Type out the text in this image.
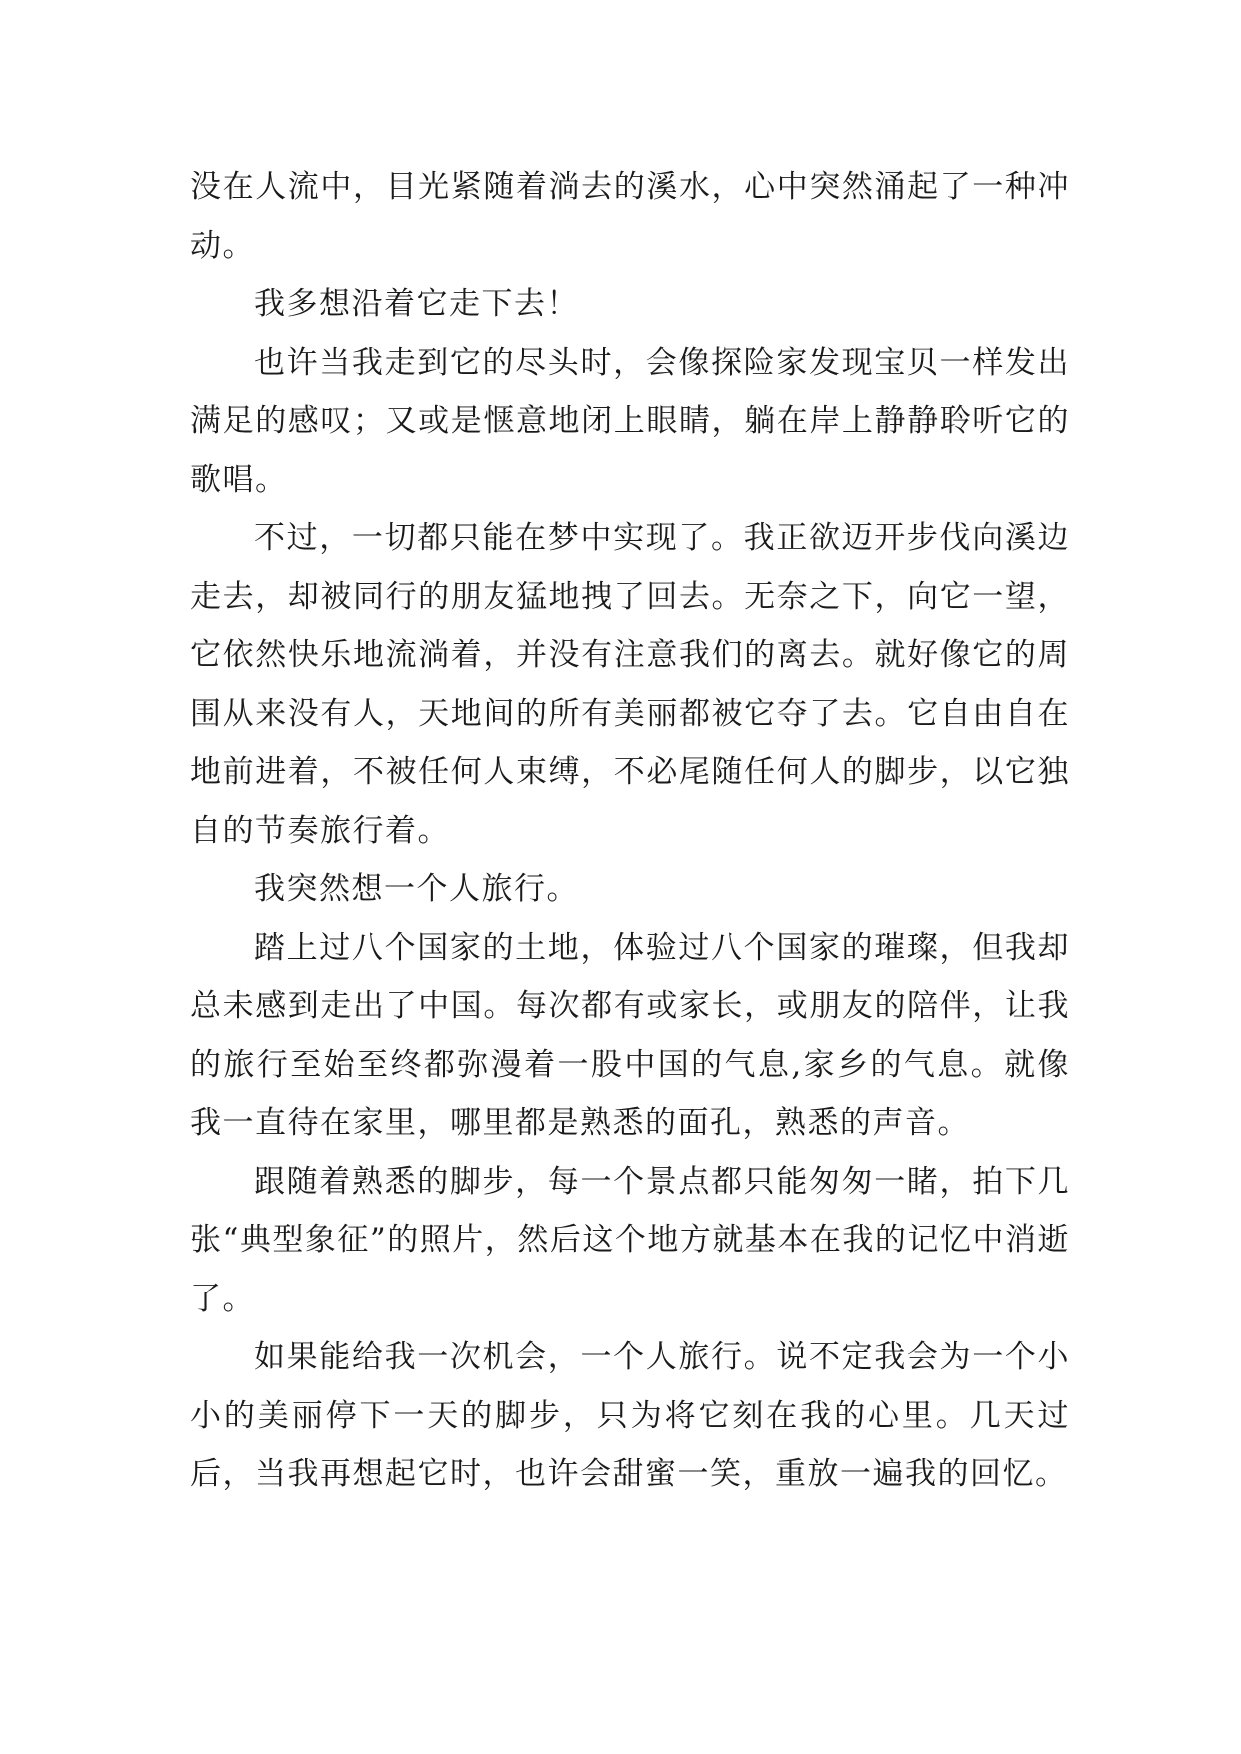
没在人流中，目光紧随着淌去的溪水，心中突然涌起了一种冲动。

我多想沿着它走下去！

也许当我走到它的尽头时，会像探险家发现宝贝一样发出满足的感叹；又或是惬意地闭上眼睛，躺在岸上静静聆听它的歌唱。

不过，一切都只能在梦中实现了。我正欲迈开步伐向溪边走去，却被同行的朋友猛地拽了回去。无奈之下，向它一望，它依然快乐地流淌着，并没有注意我们的离去。就好像它的周围从来没有人，天地间的所有美丽都被它夺了去。它自由自在地前进着，不被任何人束缚，不必尾随任何人的脚步，以它独自的节奏旅行着。

我突然想一个人旅行。

踏上过八个国家的土地，体验过八个国家的璀璨，但我却总未感到走出了中国。每次都有或家长，或朋友的陪伴，让我的旅行至始至终都弥漫着一股中国的气息,家乡的气息。就像我一直待在家里，哪里都是熟悉的面孔，熟悉的声音。

跟随着熟悉的脚步，每一个景点都只能匆匆一睹，拍下几张“典型象征”的照片，然后这个地方就基本在我的记忆中消逝了。

如果能给我一次机会，一个人旅行。说不定我会为一个小小的美丽停下一天的脚步，只为将它刻在我的心里。几天过后，当我再想起它时，也许会甜蜜一笑，重放一遍我的回忆。
